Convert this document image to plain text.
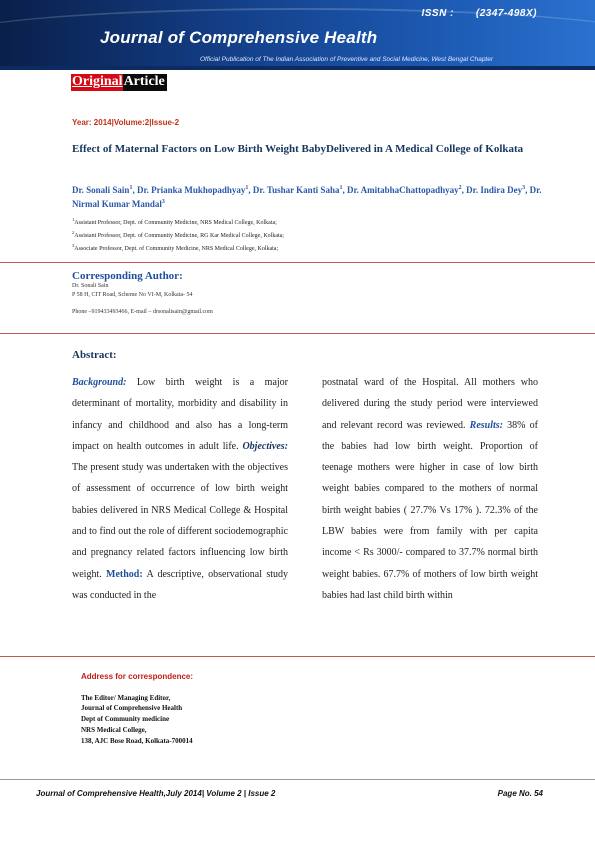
ISSN : (2347-498X)
Journal of Comprehensive Health
Official Publication of The Indian Association of Preventive and Social Medicine, West Bengal Chapter
Original Article
Year: 2014|Volume:2|Issue-2
Effect of Maternal Factors on Low Birth Weight BabyDelivered in A Medical College of Kolkata
Dr. Sonali Sain$^1$, Dr. Prianka Mukhopadhyay$^1$, Dr. Tushar Kanti Saha$^1$, Dr. AmitabhaChattopadhyay$^2$, Dr. Indira Dey$^3$, Dr. Nirmal Kumar Mandal$^3$
$^1$Assistant Professor, Dept. of Community Medicine, NRS Medical College, Kolkata;
$^2$Assistant Professor, Dept. of Community Medicine, RG Kar Medical College, Kolkata;
$^3$Associate Professor, Dept. of Community Medicine, NRS Medical College, Kolkata;
Corresponding Author:
Dr. Sonali Sain
P 58 H, CIT Road, Scheme No VI-M, Kolkata- 54
Phone –919433493466, E-mail – drsonalisain@gmail.com
Abstract:
Background: Low birth weight is a major determinant of mortality, morbidity and disability in infancy and childhood and also has a long-term impact on health outcomes in adult life. Objectives: The present study was undertaken with the objectives of assessment of occurrence of low birth weight babies delivered in NRS Medical College & Hospital and to find out the role of different sociodemographic and pregnancy related factors influencing low birth weight. Method: A descriptive, observational study was conducted in the
postnatal ward of the Hospital. All mothers who delivered during the study period were interviewed and relevant record was reviewed. Results: 38% of the babies had low birth weight. Proportion of teenage mothers were higher in case of low birth weight babies compared to the mothers of normal birth weight babies ( 27.7% Vs 17% ). 72.3% of the LBW babies were from family with per capita income < Rs 3000/- compared to 37.7% normal birth weight babies. 67.7% of mothers of low birth weight babies had last child birth within
Address for correspondence:
The Editor/ Managing Editor,
Journal of Comprehensive Health
Dept of Community medicine
NRS Medical College,
138, AJC Bose Road, Kolkata-700014
Journal of Comprehensive Health,July 2014| Volume 2 | Issue 2	Page No. 54
